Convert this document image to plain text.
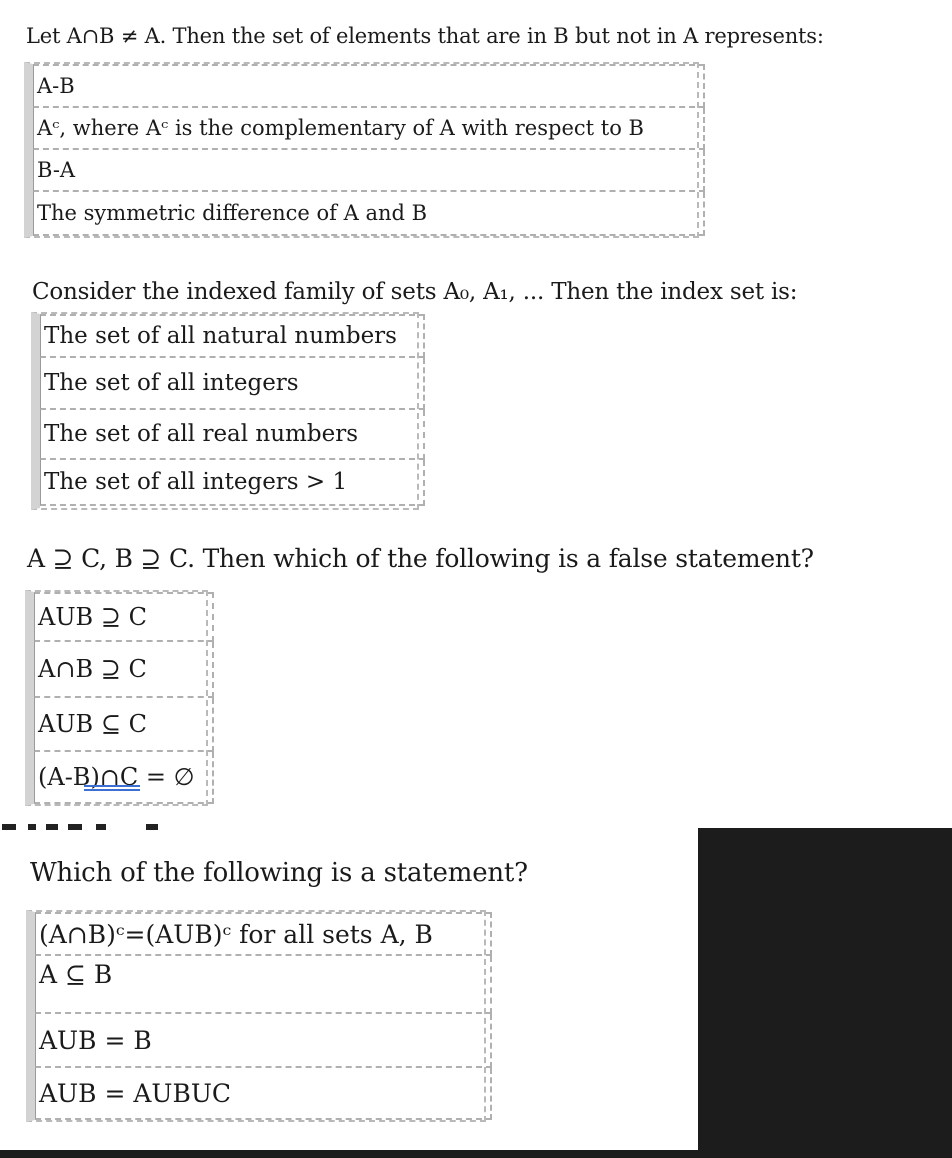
Let A∩B ≠ A. Then the set of elements that are in B but not in A represents:
A-B
Aᶜ, where Aᶜ is the complementary of A with respect to B
B-A
The symmetric difference of A and B
Consider the indexed family of sets A₀, A₁, ... Then the index set is:
The set of all natural numbers
The set of all integers
The set of all real numbers
The set of all integers > 1
A ⊇ C, B ⊇ C. Then which of the following is a false statement?
AUB ⊇ C
A∩B ⊇ C
AUB ⊆ C
(A-B)∩C = ∅
Which of the following is a statement?
(A∩B)ᶜ=(AUB)ᶜ for all sets A, B
A ⊆ B
AUB = B
AUB = AUBUC
